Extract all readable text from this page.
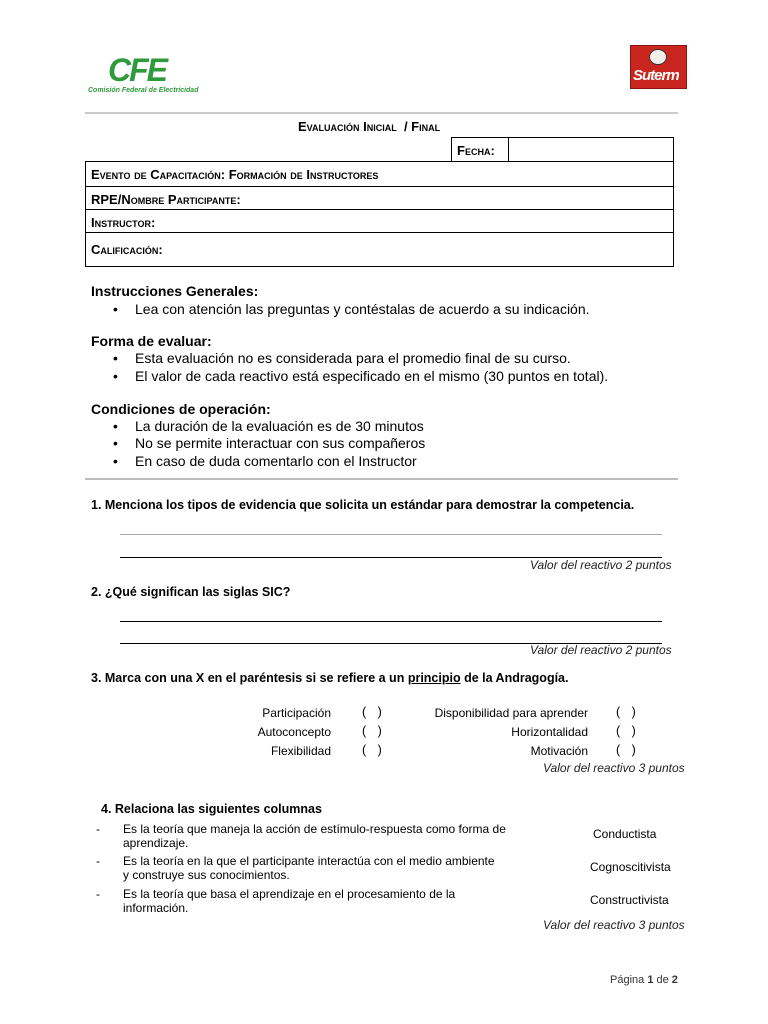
CFE
Comisión Federal de Electricidad
Suterm
Evaluación Inicial  / Final
Fecha:
Evento de Capacitación: Formación de Instructores
RPE/Nombre Participante:
Instructor:
Calificación:
Instrucciones Generales:
• Lea con atención las preguntas y contéstalas de acuerdo a su indicación.
Forma de evaluar:
• Esta evaluación no es considerada para el promedio final de su curso.
• El valor de cada reactivo está especificado en el mismo (30 puntos en total).
Condiciones de operación:
• La duración de la evaluación es de 30 minutos
• No se permite interactuar con sus compañeros
• En caso de duda comentarlo con el Instructor
1. Menciona los tipos de evidencia que solicita un estándar para demostrar la competencia.
Valor del reactivo 2 puntos
2. ¿Qué significan las siglas SIC?
Valor del reactivo 2 puntos
3. Marca con una X en el paréntesis si se refiere a un principio de la Andragogía.
Participación ( )	Disponibilidad para aprender ( )
Autoconcepto ( )	Horizontalidad ( )
Flexibilidad ( )	Motivación ( )
Valor del reactivo 3 puntos
4. Relaciona las siguientes columnas
- Es la teoría que maneja la acción de estímulo-respuesta como forma de
aprendizaje.
Conductista
- Es la teoría en la que el participante interactúa con el medio ambiente
y construye sus conocimientos.
Cognoscitivista
- Es la teoría que basa el aprendizaje en el procesamiento de la
información.
Constructivista
Valor del reactivo 3 puntos
Página 1 de 2
